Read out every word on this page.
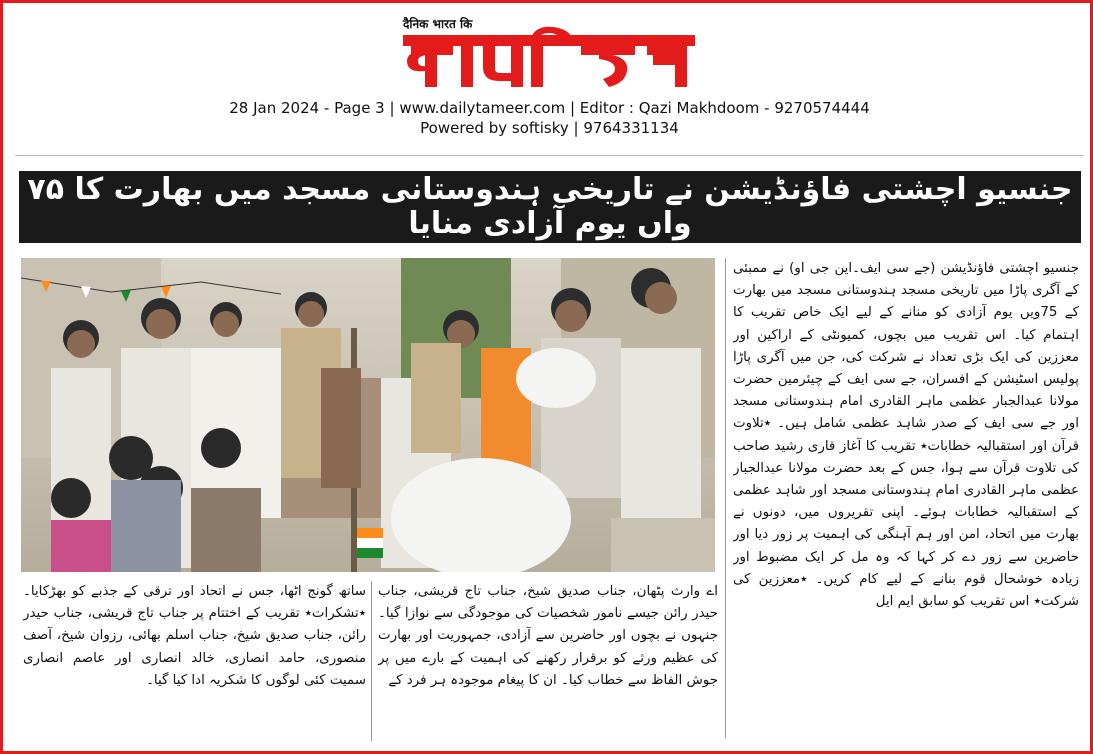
दैनिक भारत कि
28 Jan 2024 - Page 3 | www.dailytameer.com | Editor : Qazi Makhdoom - 9270574444
Powered by softisky | 9764331134
جنسیو اچشتی فاؤنڈیشن نے تاریخی ہندوستانی مسجد میں بھارت کا ۷۵ واں یوم آزادی منایا
جنسیو اچشتی فاؤنڈیشن (جے سی ایف۔این جی او) نے ممبئی کے آگری پاڑا میں تاریخی مسجد ہندوستانی مسجد میں بھارت کے 75ویں یوم آزادی کو منانے کے لیے ایک خاص تقریب کا اہتمام کیا۔ اس تقریب میں بچوں، کمیونٹی کے اراکین اور معززین کی ایک بڑی تعداد نے شرکت کی، جن میں آگری پاڑا پولیس اسٹیشن کے افسران، جے سی ایف کے چیئرمین حضرت مولانا عبدالجبار عظمی ماہر القادری امام ہندوستانی مسجد اور جے سی ایف کے صدر شاہد عظمی شامل ہیں۔ ٭تلاوت قرآن اور استقبالیہ خطابات٭ تقریب کا آغاز قاری رشید صاحب کی تلاوت قرآن سے ہوا، جس کے بعد حضرت مولانا عبدالجبار عظمی ماہر القادری امام ہندوستانی مسجد اور شاہد عظمی کے استقبالیہ خطابات ہوئے۔ اپنی تقریروں میں، دونوں نے بھارت میں اتحاد، امن اور ہم آہنگی کی اہمیت پر زور دیا اور حاضرین سے زور دے کر کہا کہ وہ مل کر ایک مضبوط اور زیادہ خوشحال قوم بنانے کے لیے کام کریں۔ ٭معززین کی شرکت٭ اس تقریب کو سابق ایم ایل
اے وارث پٹھان، جناب صدیق شیخ، جناب تاج قریشی، جناب حیدر رائن جیسے نامور شخصیات کی موجودگی سے نوازا گیا۔ جنہوں نے بچوں اور حاضرین سے آزادی، جمہوریت اور بھارت کی عظیم ورثے کو برقرار رکھنے کی اہمیت کے بارے میں پر جوش الفاظ سے خطاب کیا۔ ان کا پیغام موجودہ ہر فرد کے
ساتھ گونج اٹھا، جس نے اتحاد اور ترقی کے جذبے کو بھڑکایا۔ ٭تشکرات٭ تقریب کے اختتام پر جناب تاج قریشی، جناب حیدر رائن، جناب صدیق شیخ، جناب اسلم بھائی، رزوان شیخ، آصف منصوری، حامد انصاری، خالد انصاری اور عاصم انصاری سمیت کئی لوگوں کا شکریہ ادا کیا گیا۔
